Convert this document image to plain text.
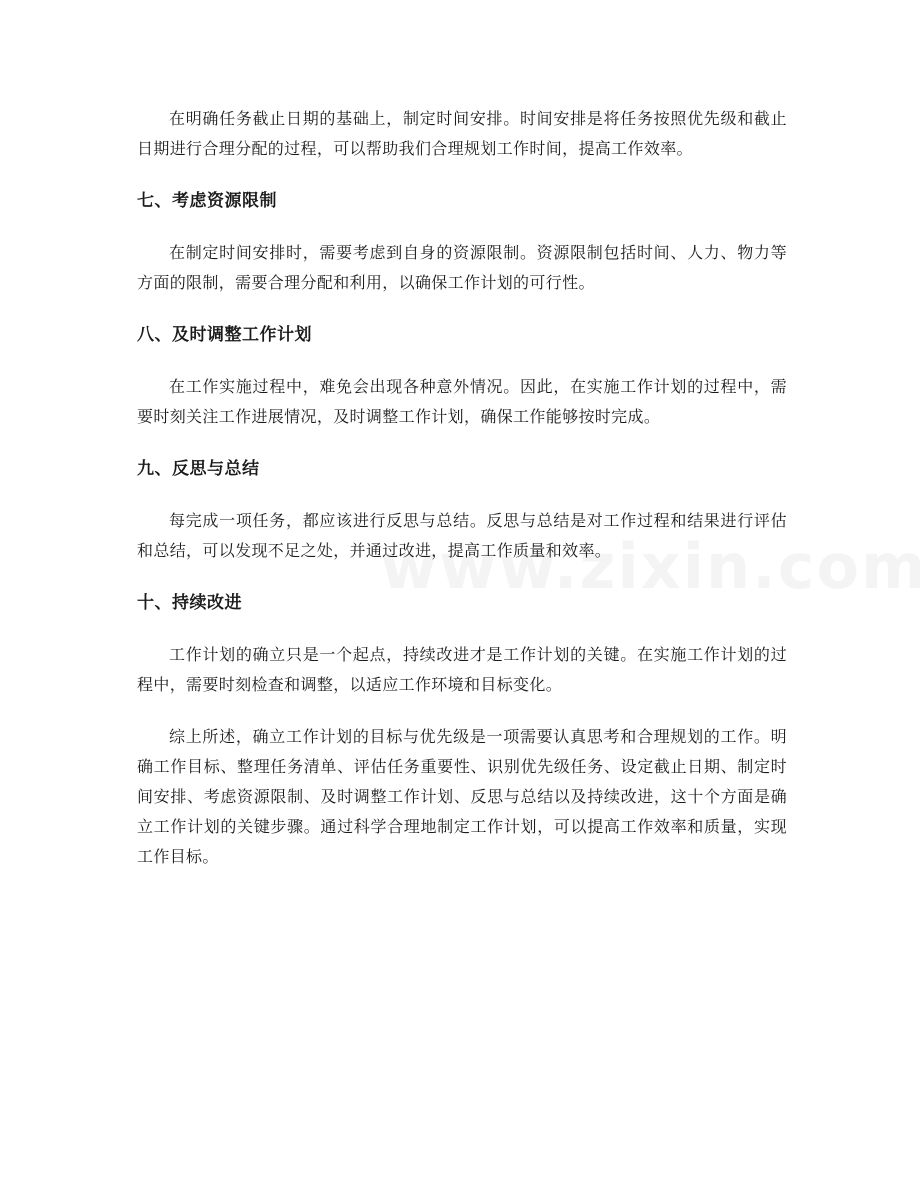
在明确任务截止日期的基础上，制定时间安排。时间安排是将任务按照优先级和截止日期进行合理分配的过程，可以帮助我们合理规划工作时间，提高工作效率。

七、考虑资源限制

在制定时间安排时，需要考虑到自身的资源限制。资源限制包括时间、人力、物力等方面的限制，需要合理分配和利用，以确保工作计划的可行性。

八、及时调整工作计划

在工作实施过程中，难免会出现各种意外情况。因此，在实施工作计划的过程中，需要时刻关注工作进展情况，及时调整工作计划，确保工作能够按时完成。

九、反思与总结

每完成一项任务，都应该进行反思与总结。反思与总结是对工作过程和结果进行评估和总结，可以发现不足之处，并通过改进，提高工作质量和效率。

十、持续改进

工作计划的确立只是一个起点，持续改进才是工作计划的关键。在实施工作计划的过程中，需要时刻检查和调整，以适应工作环境和目标变化。

综上所述，确立工作计划的目标与优先级是一项需要认真思考和合理规划的工作。明确工作目标、整理任务清单、评估任务重要性、识别优先级任务、设定截止日期、制定时间安排、考虑资源限制、及时调整工作计划、反思与总结以及持续改进，这十个方面是确立工作计划的关键步骤。通过科学合理地制定工作计划，可以提高工作效率和质量，实现工作目标。
